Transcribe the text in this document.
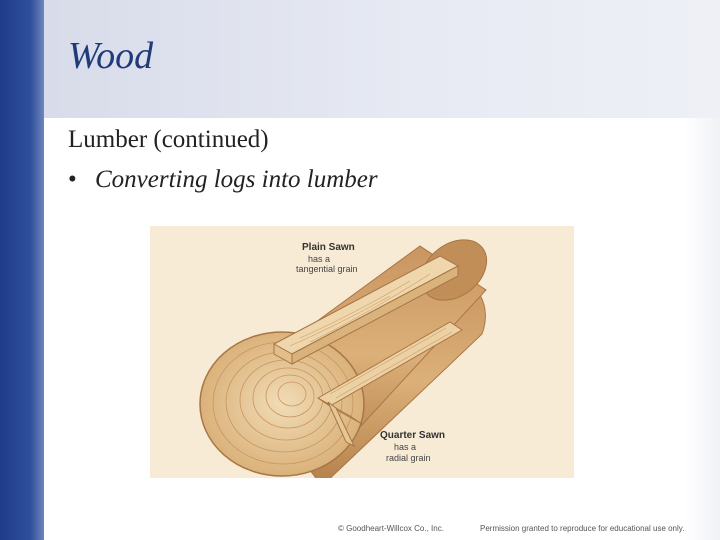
Wood
Lumber (continued)
• Converting logs into lumber
Plain Sawn
has a
tangential grain
Quarter Sawn
has a
radial grain
© Goodheart-Willcox Co., Inc.	Permission granted to reproduce for educational use only.
